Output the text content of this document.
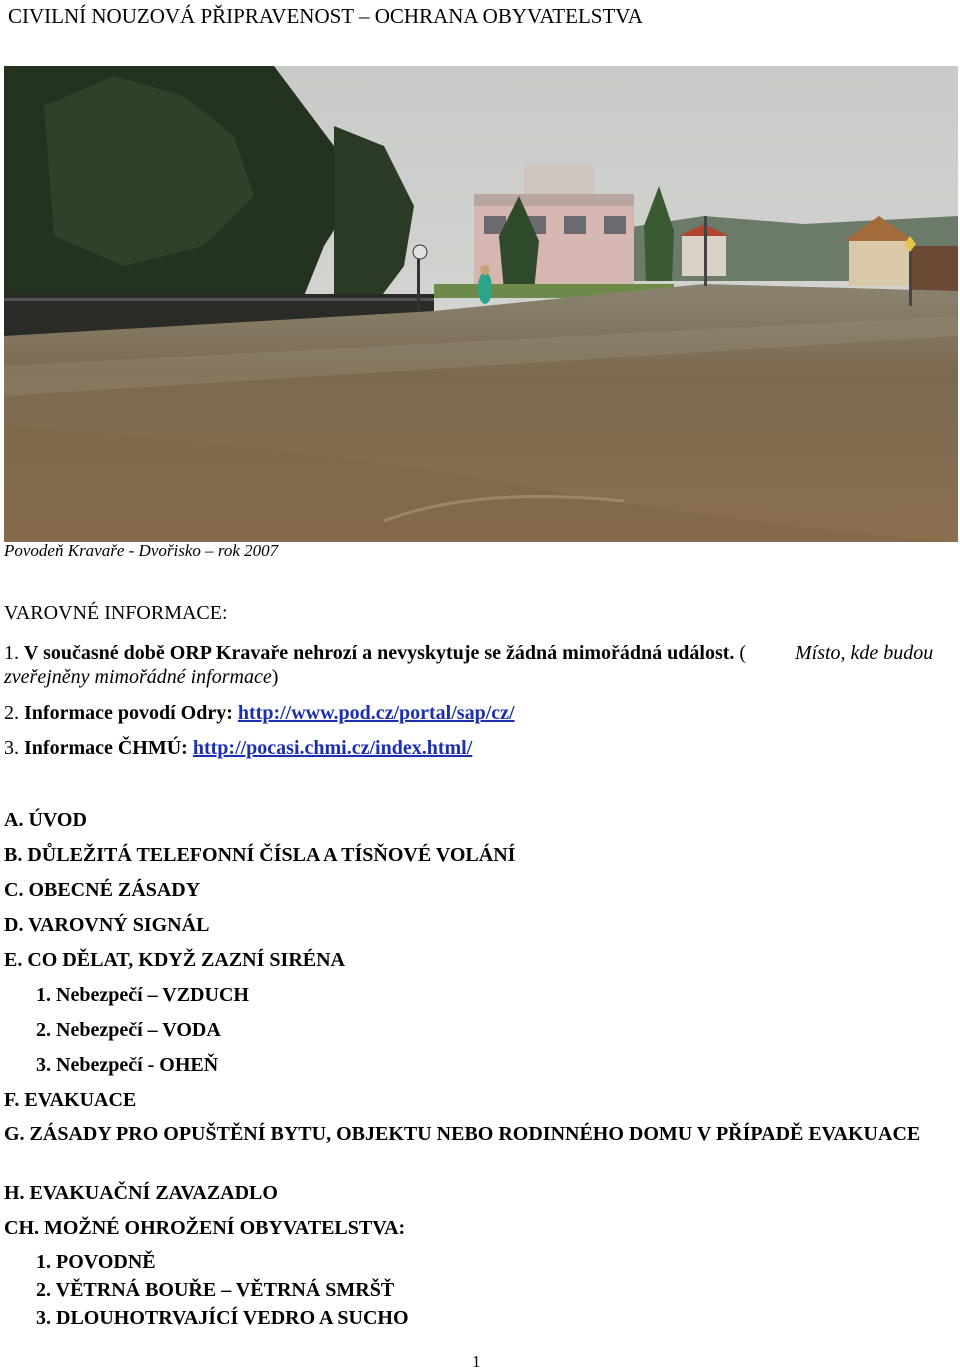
CIVILNÍ NOUZOVÁ PŘIPRAVENOST – OCHRANA OBYVATELSTVA
Povodeň Kravaře - Dvořisko – rok 2007
VAROVNÉ INFORMACE:
1. V současné době ORP Kravaře nehrozí a nevyskytuje se žádná mimořádná událost. (	Místo, kde budou
zveřejněny mimořádné informace)
2. Informace povodí Odry: http://www.pod.cz/portal/sap/cz/
3. Informace ČHMÚ: http://pocasi.chmi.cz/index.html/
A. ÚVOD
B. DŮLEŽITÁ TELEFONNÍ ČÍSLA A TÍSŇOVÉ VOLÁNÍ
C. OBECNÉ ZÁSADY
D. VAROVNÝ SIGNÁL
E. CO DĚLAT, KDYŽ ZAZNÍ SIRÉNA
1. Nebezpečí – VZDUCH
2. Nebezpečí – VODA
3. Nebezpečí - OHEŇ
F. EVAKUACE
G. ZÁSADY PRO OPUŠTĚNÍ BYTU, OBJEKTU NEBO RODINNÉHO DOMU V PŘÍPADĚ EVAKUACE
H. EVAKUAČNÍ ZAVAZADLO
CH. MOŽNÉ OHROŽENÍ OBYVATELSTVA:
1. POVODNĚ
2. VĚTRNÁ BOUŘE – VĚTRNÁ SMRŠŤ
3. DLOUHOTRVAJÍCÍ VEDRO A SUCHO
1
